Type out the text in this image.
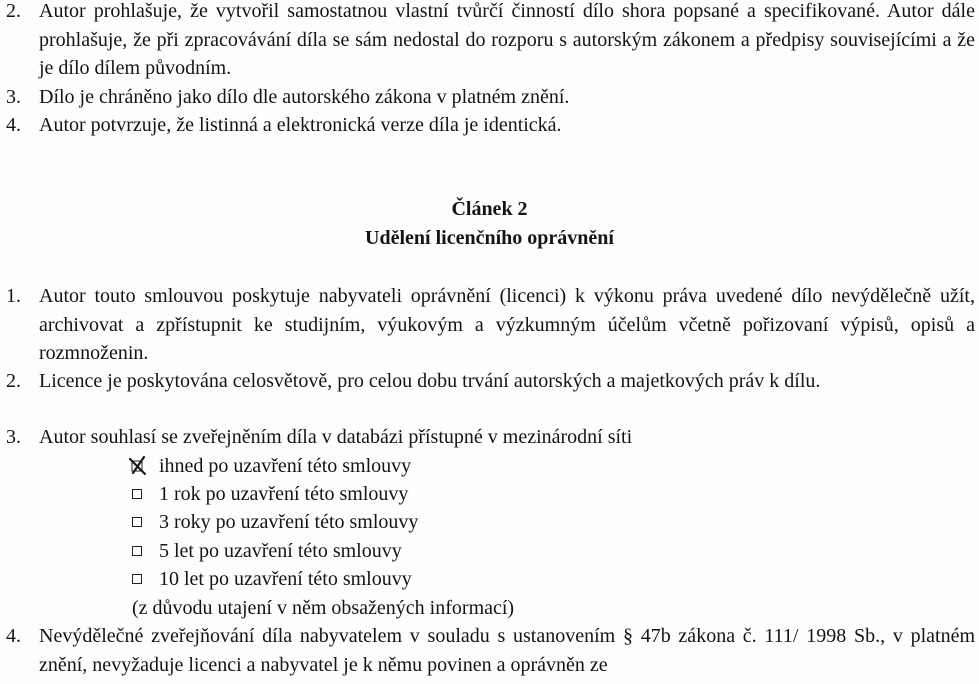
2. Autor prohlašuje, že vytvořil samostatnou vlastní tvůrčí činností dílo shora popsané a specifikované. Autor dále prohlašuje, že při zpracovávání díla se sám nedostal do rozporu s autorským zákonem a předpisy souvisejícími a že je dílo dílem původním.
3. Dílo je chráněno jako dílo dle autorského zákona v platném znění.
4. Autor potvrzuje, že listinná a elektronická verze díla je identická.
Článek 2
Udělení licenčního oprávnění
1. Autor touto smlouvou poskytuje nabyvateli oprávnění (licenci) k výkonu práva uvedené dílo nevýdělečně užít, archivovat a zpřístupnit ke studijním, výukovým a výzkumným účelům včetně pořizovaní výpisů, opisů a rozmnoženin.
2. Licence je poskytována celosvětově, pro celou dobu trvání autorských a majetkových práv k dílu.
3. Autor souhlasí se zveřejněním díla v databázi přístupné v mezinárodní síti
ihned po uzavření této smlouvy
1 rok po uzavření této smlouvy
3 roky po uzavření této smlouvy
5 let po uzavření této smlouvy
10 let po uzavření této smlouvy
(z důvodu utajení v něm obsažených informací)
4. Nevýdělečné zveřejňování díla nabyvatelem v souladu s ustanovením § 47b zákona č. 111/ 1998 Sb., v platném znění, nevyžaduje licenci a nabyvatel je k němu povinen a oprávněn ze
